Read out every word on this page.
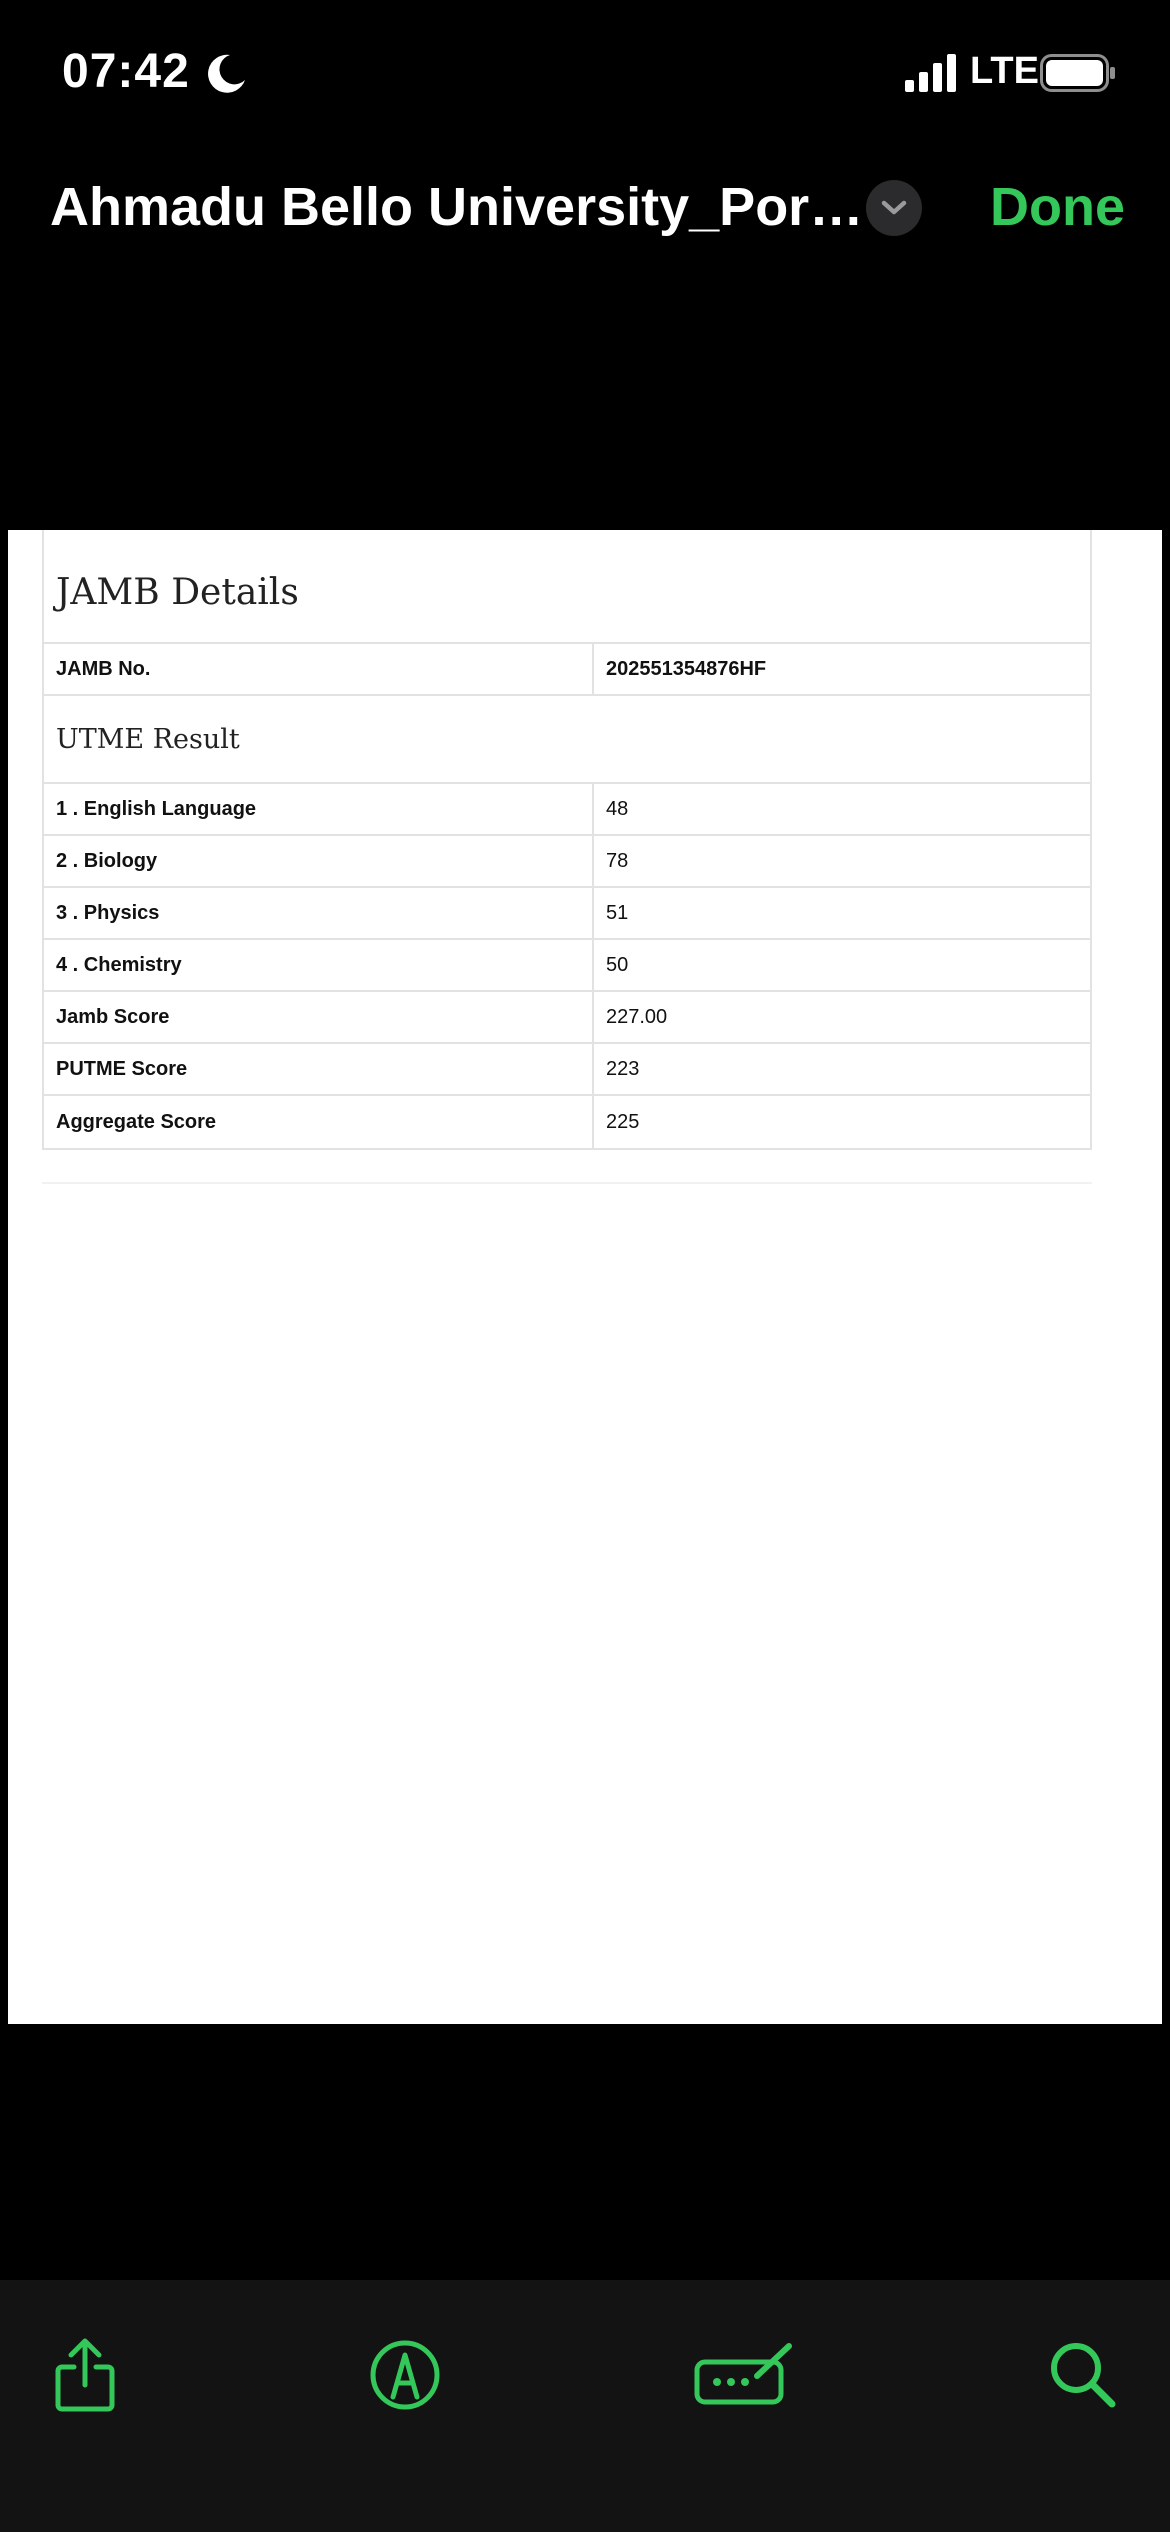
07:42	LTE
Ahmadu Bello University_Por… Done
JAMB Details
JAMB No.	202551354876HF
UTME Result
1 . English Language	48
2 . Biology	78
3 . Physics	51
4 . Chemistry	50
Jamb Score	227.00
PUTME Score	223
Aggregate Score	225
